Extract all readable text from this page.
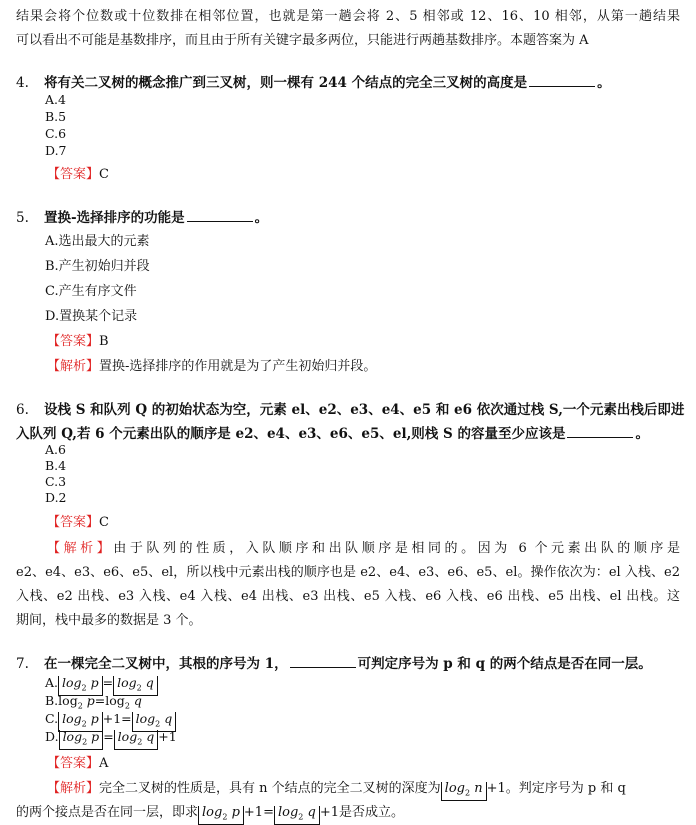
结果会将个位数或十位数排在相邻位置，也就是第一趟会将 2、5 相邻或 12、16、10 相邻，从第一趟结果
可以看出不可能是基数排序，而且由于所有关键字最多两位，只能进行两趟基数排序。本题答案为 A
4. 将有关二叉树的概念推广到三叉树，则一棵有 244 个结点的完全三叉树的高度是	。
A.4
B.5
C.6
D.7
【答案】C
5. 置换-选择排序的功能是	。
A.选出最大的元素
B.产生初始归并段
C.产生有序文件
D.置换某个记录
【答案】B
【解析】置换-选择排序的作用就是为了产生初始归并段。
6. 设栈 S 和队列 Q 的初始状态为空，元素 el、e2、e3、e4、e5 和 e6 依次通过栈 S,一个元素出栈后即进
入队列 Q,若 6 个元素出队的顺序是 e2、e4、e3、e6、e5、el,则栈 S 的容量至少应该是	。
A.6
B.4
C.3
D.2
【答案】C
【解析】由于队列的性质，入队顺序和出队顺序是相同的。因为 6 个元素出队的顺序是
e2、e4、e3、e6、e5、el，所以栈中元素出栈的顺序也是 e2、e4、e3、e6、e5、el。操作依次为：el 入栈、e2
入栈、e2 出栈、e3 入栈、e4 入栈、e4 出栈、e3 出栈、e5 入栈、e6 入栈、e6 出栈、e5 出栈、el 出栈。这
期间，栈中最多的数据是 3 个。
7. 在一棵完全二叉树中，其根的序号为 1，	可判定序号为 p 和 q 的两个结点是否在同一层。
A. $\log_2 p = \log_2 q$
$B.\log_2$ $p=\log_2$ q
C. $\log_2 p +1= \log_2 q$
D. $\log_2 p = \log_2 q +1$
【答案】A
【解析】完全二叉树的性质是，具有 n 个结点的完全二叉树的深度为 $\log_2 n +1$。判定序号为 p 和 q
的两个接点是否在同一层，即求 $\log_2 p +1= \log_2 q +1$是否成立。
